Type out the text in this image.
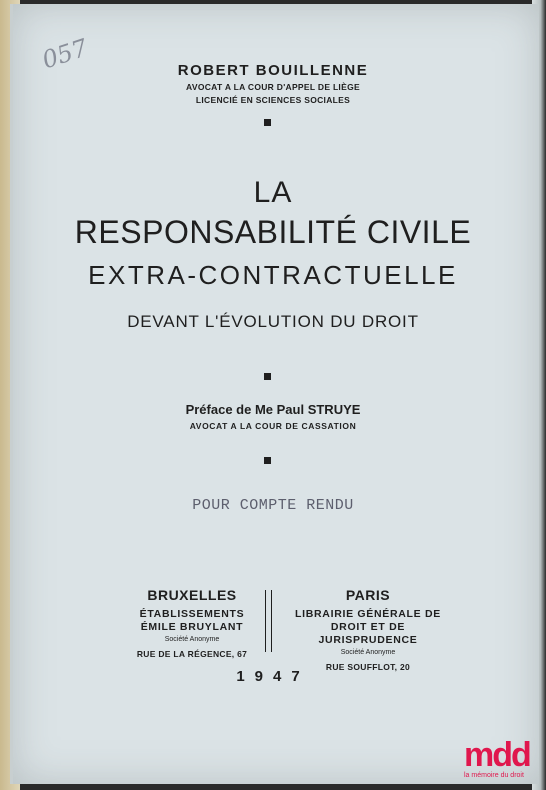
057	ROBERT BOUILLENNE
AVOCAT A LA COUR D'APPEL DE LIÈGE
LICENCIÉ EN SCIENCES SOCIALES
LA
RESPONSABILITÉ CIVILE
EXTRA-CONTRACTUELLE
DEVANT L'ÉVOLUTION DU DROIT
Préface de Me Paul STRUYE
AVOCAT A LA COUR DE CASSATION
POUR COMPTE RENDU
BRUXELLES
ÉTABLISSEMENTS
ÉMILE BRUYLANT
Société Anonyme
RUE DE LA RÉGENCE, 67
PARIS
LIBRAIRIE GÉNÉRALE DE
DROIT ET DE JURISPRUDENCE
Société Anonyme
RUE SOUFFLOT, 20
1947
mdd
la mémoire du droit
